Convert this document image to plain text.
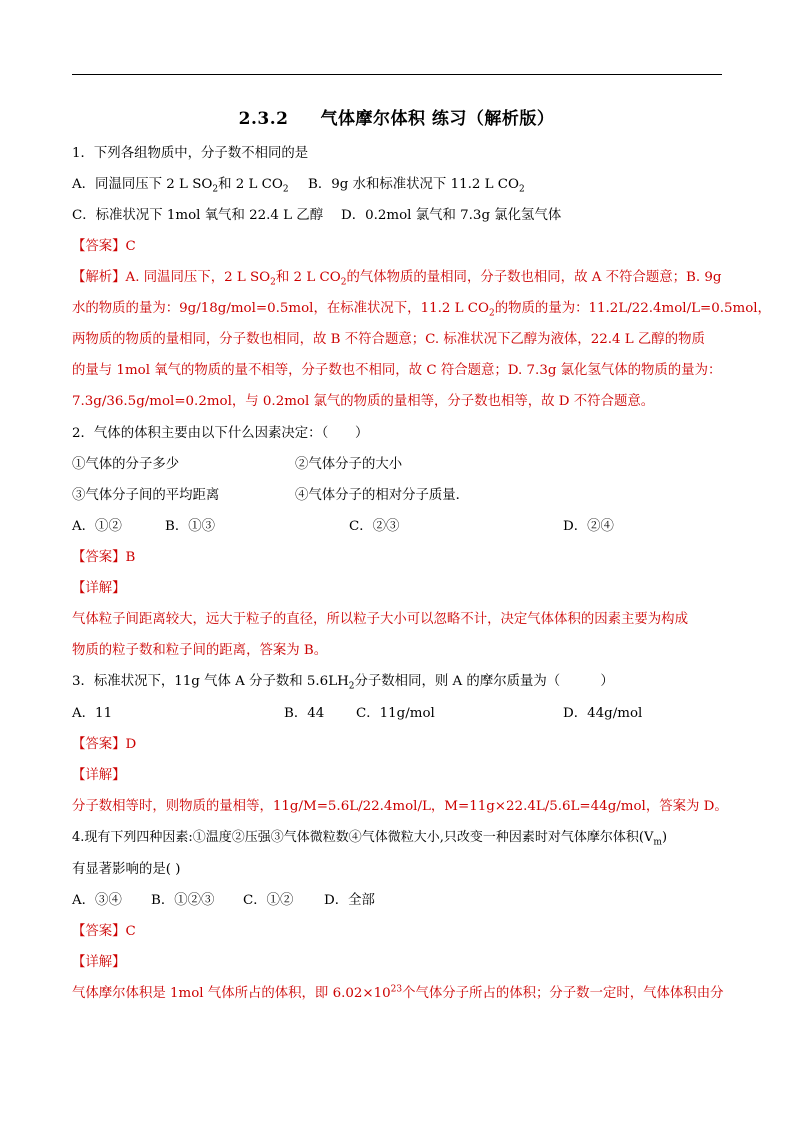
2.3.2 气体摩尔体积 练习（解析版）
1．下列各组物质中，分子数不相同的是
A．同温同压下 2 L $SO_2$和 2 L $CO_2$ B．9g 水和标准状况下 11.2 L $CO_2$
C．标准状况下 1mol 氧气和 22.4 L 乙醇 D．0.2mol 氯气和 7.3g 氯化氢气体
【答案】C
【解析】A. 同温同压下，2 L $SO_2$和 2 L $CO_2$的气体物质的量相同，分子数也相同，故 A 不符合题意；B. 9g
水的物质的量为：9g/18g/mol=0.5mol，在标准状况下，11.2 L $CO_2$的物质的量为：11.2L/22.4mol/L=0.5mol，
两物质的物质的量相同，分子数也相同，故 B 不符合题意；C. 标准状况下乙醇为液体，22.4 L 乙醇的物质
的量与 1mol 氧气的物质的量不相等，分子数也不相同，故 C 符合题意；D. 7.3g 氯化氢气体的物质的量为：
7.3g/36.5g/mol=0.2mol，与 0.2mol 氯气的物质的量相等，分子数也相等，故 D 不符合题意。
2．气体的体积主要由以下什么因素决定：（　　）
①气体的分子多少	②气体分子的大小
③气体分子间的平均距离	④气体分子的相对分子质量．
A．①②	B．①③	C．②③	D．②④
【答案】B
【详解】
气体粒子间距离较大，远大于粒子的直径，所以粒子大小可以忽略不计，决定气体体积的因素主要为构成
物质的粒子数和粒子间的距离，答案为 B。
3．标准状况下，11g 气体 A 分子数和 $5.6LH_2$分子数相同，则 A 的摩尔质量为（　　　）
A．11	B．44 C．11g/mol	D．44g/mol
【答案】D
【详解】
分子数相等时，则物质的量相等，11g/M=5.6L/22.4mol/L，M=11g×22.4L/5.6L=44g/mol，答案为 D。
4.现有下列四种因素:①温度②压强③气体微粒数④气体微粒大小,只改变一种因素时对气体摩尔体积$(V_m)$
有显著影响的是( )
A．③④ B．①②③ C．①② D．全部
【答案】C
【详解】
气体摩尔体积是 1mol 气体所占的体积，即 $6.02\times 10^{23}$个气体分子所占的体积；分子数一定时，气体体积由分
